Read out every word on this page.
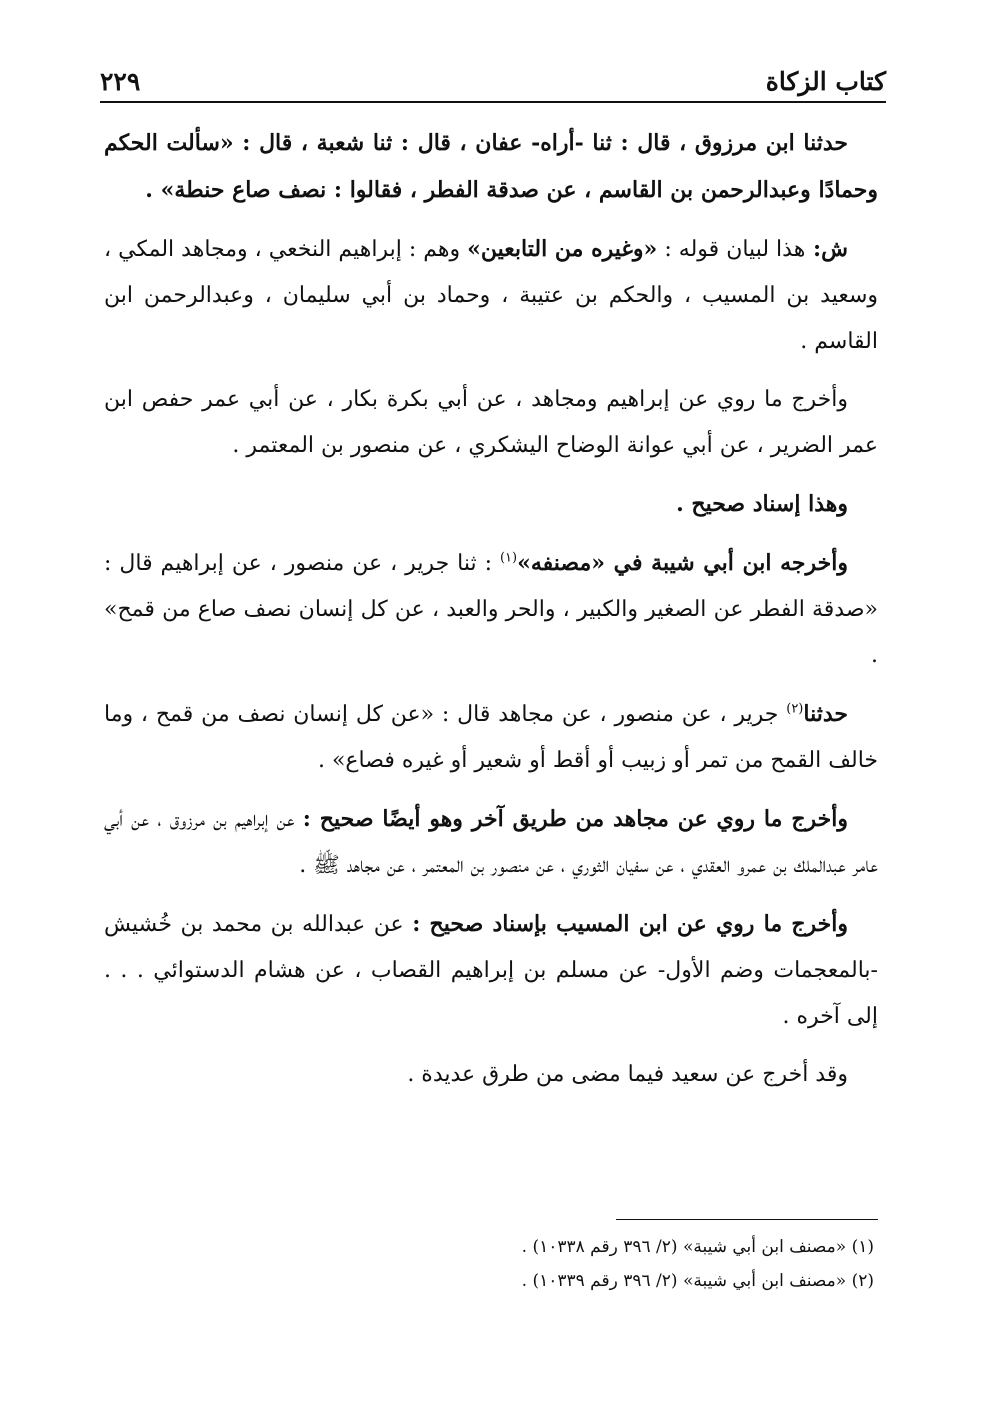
كتاب الزكاة
٢٢٩

حدثنا ابن مرزوق ، قال : ثنا -أراه- عفان ، قال : ثنا شعبة ، قال : «سألت الحكم وحمادًا وعبدالرحمن بن القاسم ، عن صدقة الفطر ، فقالوا : نصف صاع حنطة» .

ش: هذا لبيان قوله : «وغيره من التابعين» وهم : إبراهيم النخعي ، ومجاهد المكي ، وسعيد بن المسيب ، والحكم بن عتيبة ، وحماد بن أبي سليمان ، وعبدالرحمن ابن القاسم .

وأخرج ما روي عن إبراهيم ومجاهد ، عن أبي بكرة بكار ، عن أبي عمر حفص ابن عمر الضرير ، عن أبي عوانة الوضاح اليشكري ، عن منصور بن المعتمر .

وهذا إسناد صحيح .

وأخرجه ابن أبي شيبة في «مصنفه»$^{(١)}$ : ثنا جرير ، عن منصور ، عن إبراهيم قال : «صدقة الفطر عن الصغير والكبير ، والحر والعبد ، عن كل إنسان نصف صاع من قمح» .

حدثنا$^{(٢)}$ جرير ، عن منصور ، عن مجاهد قال : «عن كل إنسان نصف من قمح ، وما خالف القمح من تمر أو زبيب أو أقط أو شعير أو غيره فصاع» .

وأخرج ما روي عن مجاهد من طريق آخر وهو أيضًا صحيح : عن إبراهيم بن مرزوق ، عن أبي عامر عبدالملك بن عمرو العقدي ، عن سفيان الثوري ، عن منصور بن المعتمر ، عن مجاهد ﷺ .

وأخرج ما روي عن ابن المسيب بإسناد صحيح : عن عبدالله بن محمد بن خُشيش -بالمعجمات وضم الأول- عن مسلم بن إبراهيم القصاب ، عن هشام الدستوائي . . . إلى آخره .

وقد أخرج عن سعيد فيما مضى من طرق عديدة .

(١) «مصنف ابن أبي شيبة» (٢/ ٣٩٦ رقم ١٠٣٣٨) .
(٢) «مصنف ابن أبي شيبة» (٢/ ٣٩٦ رقم ١٠٣٣٩) .
